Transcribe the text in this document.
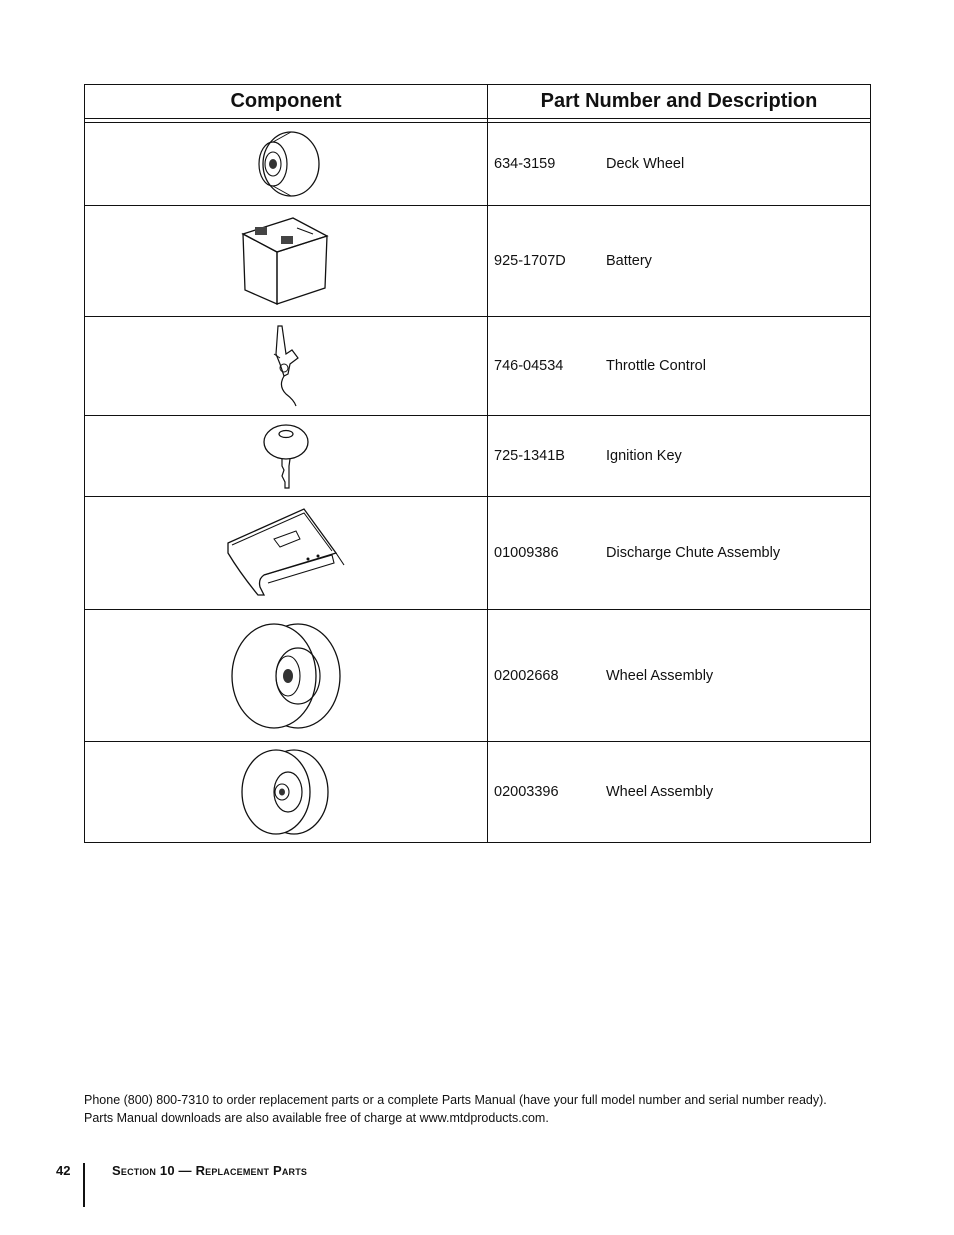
Component	Part Number and Description

	634-3159 Deck Wheel

	925-1707D Battery

	746-04534 Throttle Control

	725-1341B Ignition Key

	01009386 Discharge Chute Assembly

	02002668 Wheel Assembly

	02003396 Wheel Assembly
Phone (800) 800-7310 to order replacement parts or a complete Parts Manual (have your full model number and serial number ready).
Parts Manual downloads are also available free of charge at www.mtdproducts.com.
42	Section 10 — Replacement Parts
